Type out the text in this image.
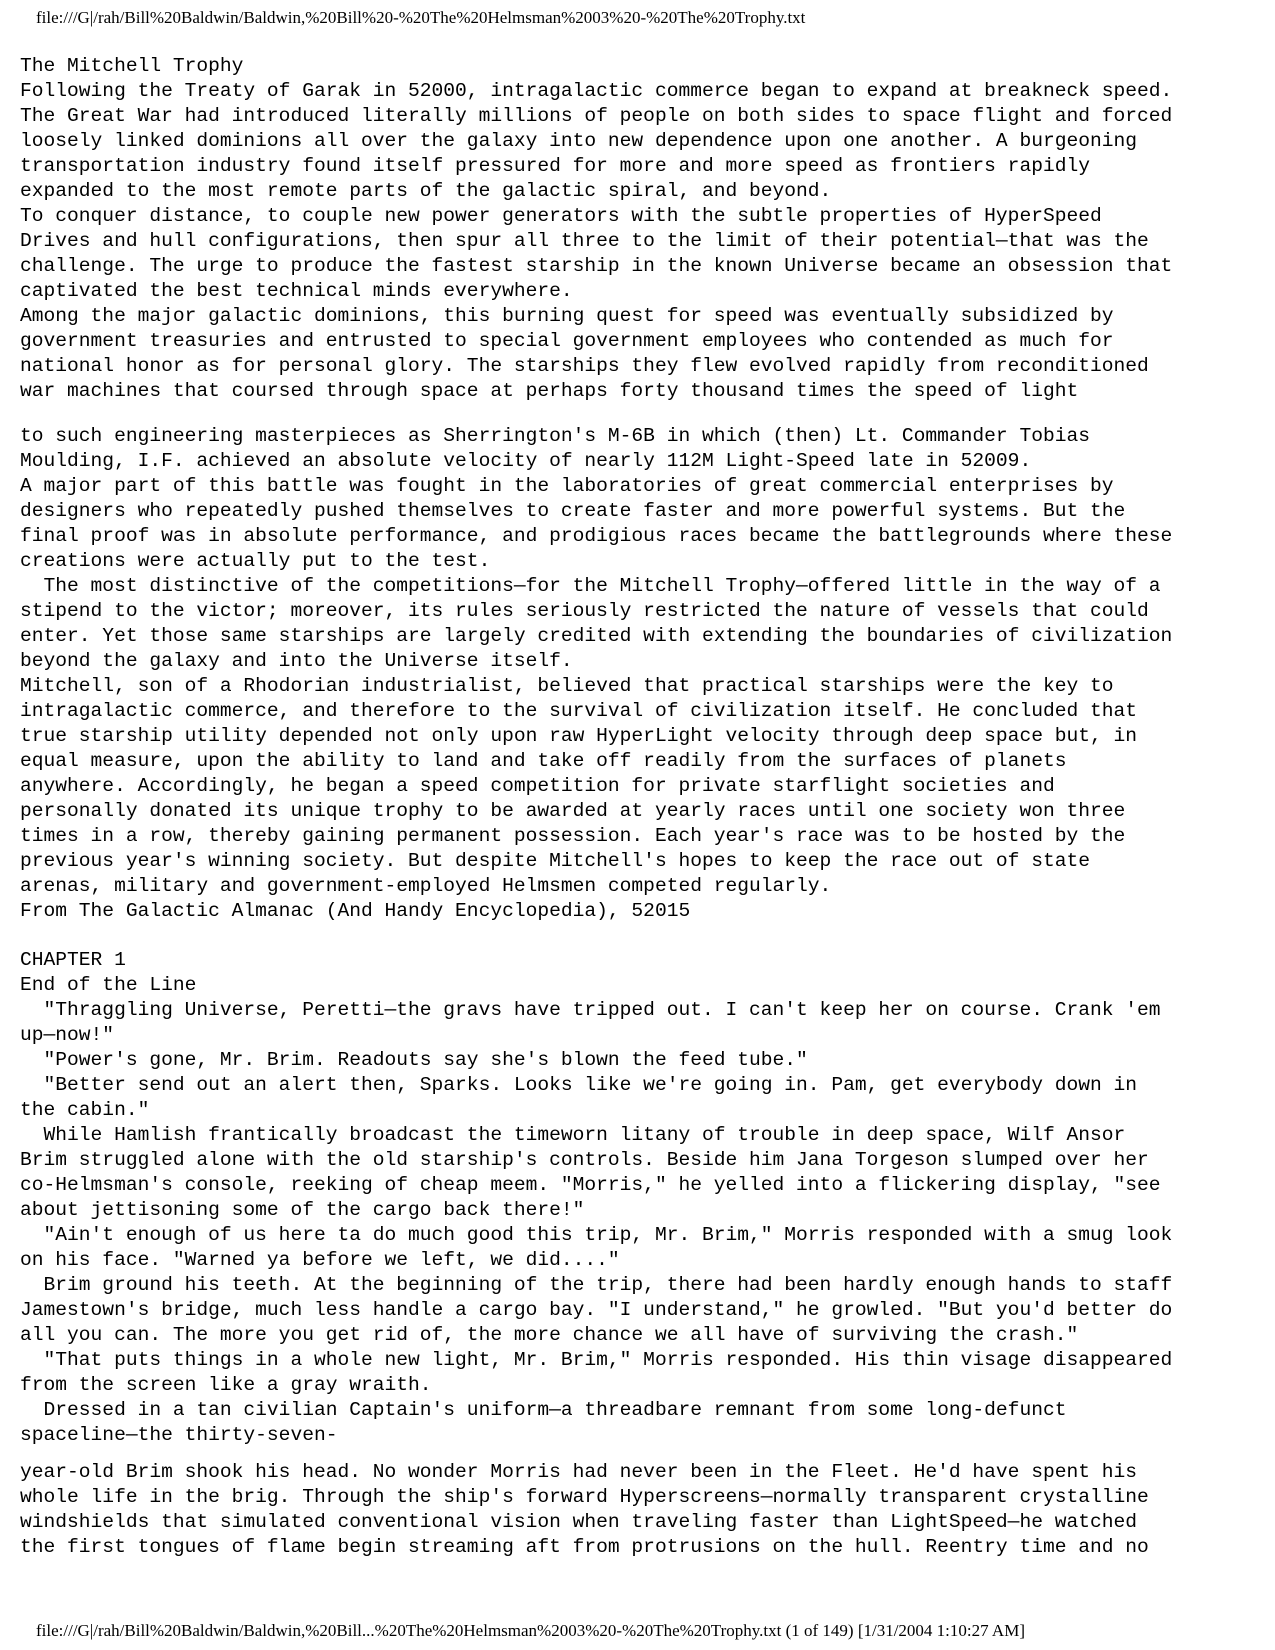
file:///G|/rah/Bill%20Baldwin/Baldwin,%20Bill%20-%20The%20Helmsman%2003%20-%20The%20Trophy.txt
The Mitchell Trophy
Following the Treaty of Garak in 52000, intragalactic commerce began to expand at breakneck speed.
The Great War had introduced literally millions of people on both sides to space flight and forced
loosely linked dominions all over the galaxy into new dependence upon one another. A burgeoning
transportation industry found itself pressured for more and more speed as frontiers rapidly
expanded to the most remote parts of the galactic spiral, and beyond.
To conquer distance, to couple new power generators with the subtle properties of HyperSpeed
Drives and hull configurations, then spur all three to the limit of their potential—that was the
challenge. The urge to produce the fastest starship in the known Universe became an obsession that
captivated the best technical minds everywhere.
Among the major galactic dominions, this burning quest for speed was eventually subsidized by
government treasuries and entrusted to special government employees who contended as much for
national honor as for personal glory. The starships they flew evolved rapidly from reconditioned
war machines that coursed through space at perhaps forty thousand times the speed of light
to such engineering masterpieces as Sherrington's M-6B in which (then) Lt. Commander Tobias
Moulding, I.F. achieved an absolute velocity of nearly 112M Light-Speed late in 52009.
A major part of this battle was fought in the laboratories of great commercial enterprises by
designers who repeatedly pushed themselves to create faster and more powerful systems. But the
final proof was in absolute performance, and prodigious races became the battlegrounds where these
creations were actually put to the test.
The most distinctive of the competitions—for the Mitchell Trophy—offered little in the way of a
stipend to the victor; moreover, its rules seriously restricted the nature of vessels that could
enter. Yet those same starships are largely credited with extending the boundaries of civilization
beyond the galaxy and into the Universe itself.
Mitchell, son of a Rhodorian industrialist, believed that practical starships were the key to
intragalactic commerce, and therefore to the survival of civilization itself. He concluded that
true starship utility depended not only upon raw HyperLight velocity through deep space but, in
equal measure, upon the ability to land and take off readily from the surfaces of planets
anywhere. Accordingly, he began a speed competition for private starflight societies and
personally donated its unique trophy to be awarded at yearly races until one society won three
times in a row, thereby gaining permanent possession. Each year's race was to be hosted by the
previous year's winning society. But despite Mitchell's hopes to keep the race out of state
arenas, military and government-employed Helmsmen competed regularly.
From The Galactic Almanac (And Handy Encyclopedia), 52015
CHAPTER 1
End of the Line
"Thraggling Universe, Peretti—the gravs have tripped out. I can't keep her on course. Crank 'em
up—now!"
"Power's gone, Mr. Brim. Readouts say she's blown the feed tube."
"Better send out an alert then, Sparks. Looks like we're going in. Pam, get everybody down in
the cabin."
While Hamlish frantically broadcast the timeworn litany of trouble in deep space, Wilf Ansor
Brim struggled alone with the old starship's controls. Beside him Jana Torgeson slumped over her
co-Helmsman's console, reeking of cheap meem. "Morris," he yelled into a flickering display, "see
about jettisoning some of the cargo back there!"
"Ain't enough of us here ta do much good this trip, Mr. Brim," Morris responded with a smug look
on his face. "Warned ya before we left, we did...."
Brim ground his teeth. At the beginning of the trip, there had been hardly enough hands to staff
Jamestown's bridge, much less handle a cargo bay. "I understand," he growled. "But you'd better do
all you can. The more you get rid of, the more chance we all have of surviving the crash."
"That puts things in a whole new light, Mr. Brim," Morris responded. His thin visage disappeared
from the screen like a gray wraith.
Dressed in a tan civilian Captain's uniform—a threadbare remnant from some long-defunct
spaceline—the thirty-seven-
year-old Brim shook his head. No wonder Morris had never been in the Fleet. He'd have spent his
whole life in the brig. Through the ship's forward Hyperscreens—normally transparent crystalline
windshields that simulated conventional vision when traveling faster than LightSpeed—he watched
the first tongues of flame begin streaming aft from protrusions on the hull. Reentry time and no
file:///G|/rah/Bill%20Baldwin/Baldwin,%20Bill...%20The%20Helmsman%2003%20-%20The%20Trophy.txt (1 of 149) [1/31/2004 1:10:27 AM]
